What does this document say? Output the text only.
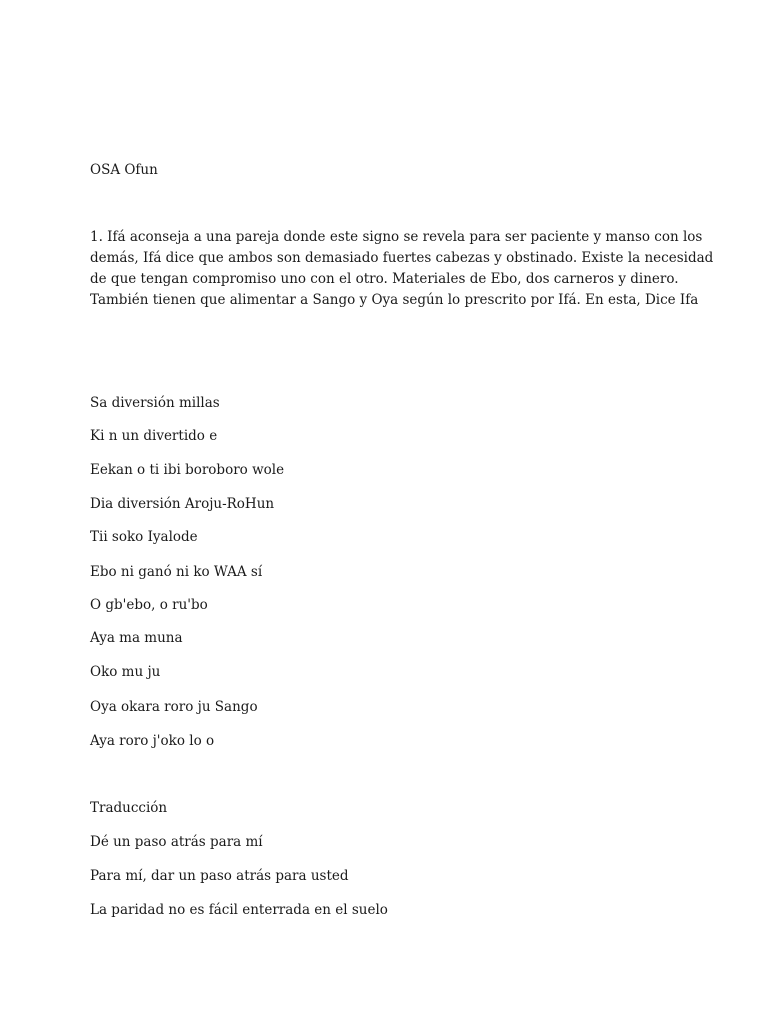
OSA Ofun

1. Ifá aconseja a una pareja donde este signo se revela para ser paciente y manso con los
demás, Ifá dice que ambos son demasiado fuertes cabezas y obstinado. Existe la necesidad
de que tengan compromiso uno con el otro. Materiales de Ebo, dos carneros y dinero.
También tienen que alimentar a Sango y Oya según lo prescrito por Ifá. En esta, Dice Ifa

Sa diversión millas

Ki n un divertido e

Eekan o ti ibi boroboro wole

Dia diversión Aroju-RoHun

Tii soko Iyalode

Ebo ni ganó ni ko WAA sí

O gb'ebo, o ru'bo

Aya ma muna

Oko mu ju

Oya okara roro ju Sango

Aya roro j'oko lo o

Traducción

Dé un paso atrás para mí

Para mí, dar un paso atrás para usted

La paridad no es fácil enterrada en el suelo
